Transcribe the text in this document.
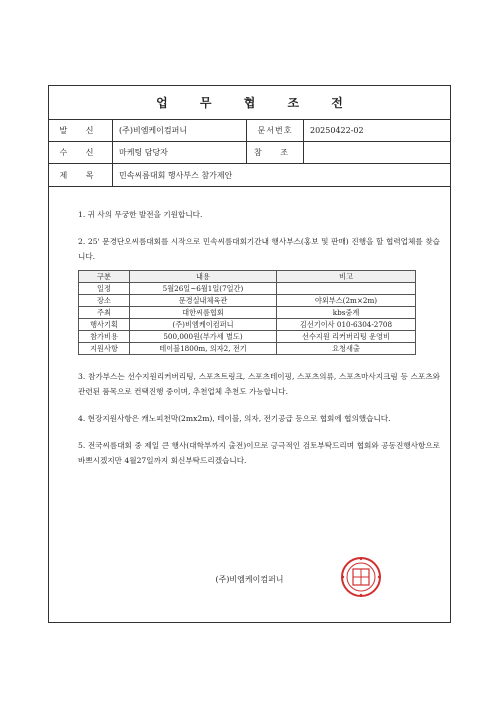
업 무 협 조 전
발 신	(주)비엠케이컴퍼니	문서번호	20250422-02
수 신	마케팅 담당자	참 조
제 목	민속씨름대회 행사부스 참가제안

1. 귀 사의 무궁한 발전을 기원합니다.

2. 25' 문경단오씨름대회를 시작으로 민속씨름대회기간내 행사부스(홍보 및 판매) 진행을 할 협력업체를 찾습니다.

구분	내용	비고
일정	5월26일~6월1일(7일간)	
장소	문경실내체육관	야외부스(2m×2m)
주최	대한씨름협회	kbs중계
행사기획	(주)비엠케이컴퍼니	김선기이사 010-6304-2708
참가비용	500,000원(부가세 별도)	선수지원 리커버리팅 운영비
지원사항	테이블1800m, 의자2, 전기	요청새출

3. 참가부스는 선수지원리커버리팅, 스포츠트링크, 스포츠테이핑, 스포츠의류, 스포츠마사지크림 등 스포츠와 관련된 품목으로 컨택진행 중이며, 추천업체 추천도 가능합니다.

4. 현장지원사항은 캐노피천막(2mx2m), 테이블, 의자, 전기공급 등으로 협회에 협의했습니다.

5. 전국씨름대회 중 제일 큰 행사(대학부까지 출전)이므로 긍극적인 검토부탁드리며 협회와 공동진행사항으로 바쁘시겠지만 4월27일까지 회신부탁드리겠습니다.

(주)비엠케이컴퍼니
